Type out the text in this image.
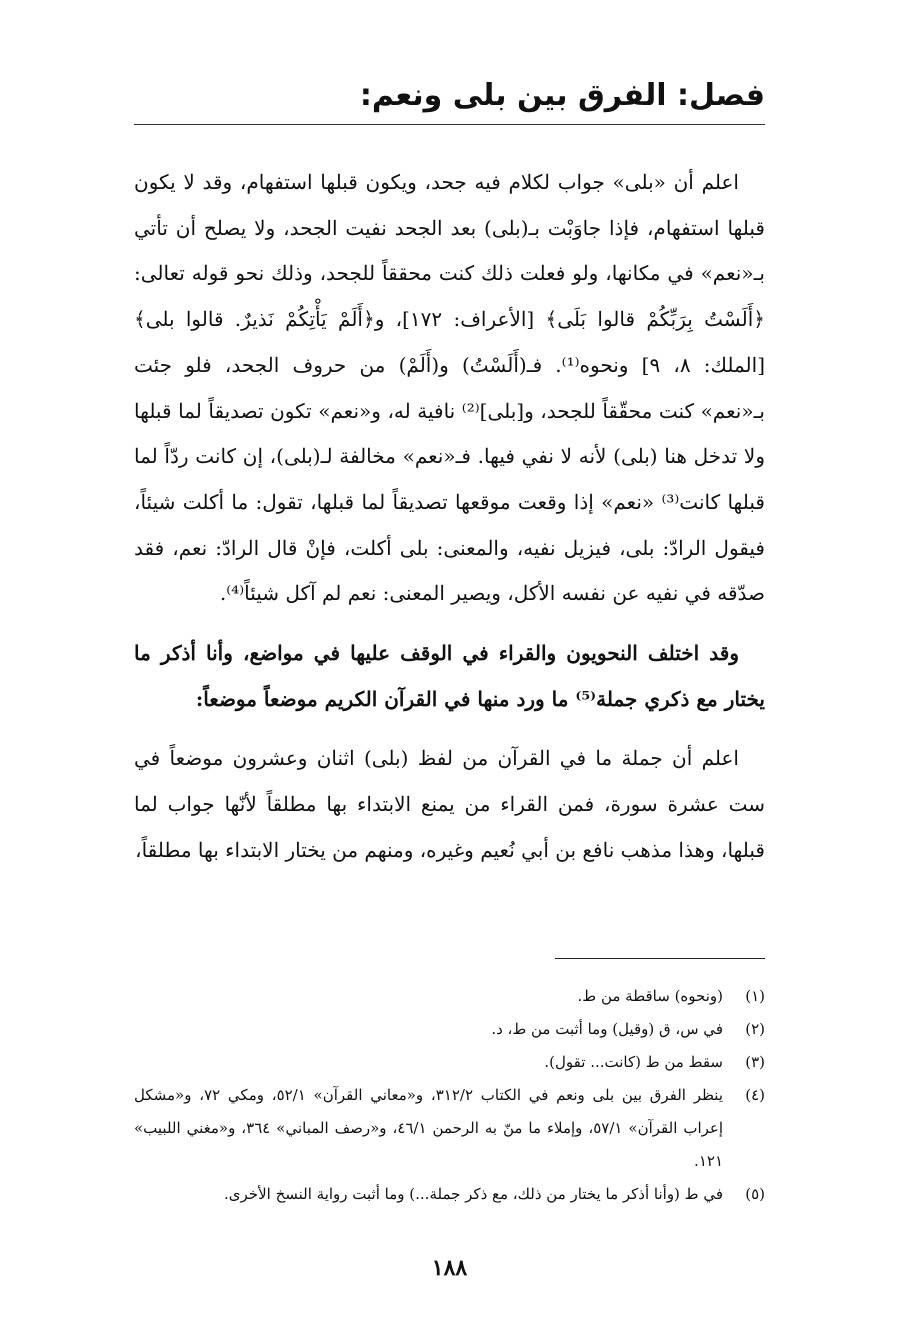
فصل: الفرق بين بلى ونعم:

اعلم أن «بلى» جواب لكلام فيه جحد، ويكون قبلها استفهام، وقد لا يكون قبلها استفهام، فإذا جاوَبْت بـ(بلى) بعد الجحد نفيت الجحد، ولا يصلح أن تأتي بـ«نعم» في مكانها، ولو فعلت ذلك كنت محققاً للجحد، وذلك نحو قوله تعالى: ﴿أَلَسْتُ بِرَبِّكُمْ قالوا بَلَى﴾ [الأعراف: ١٧٢]، و﴿أَلَمْ يَأْتِكُمْ نَذيرٌ. قالوا بلى﴾ [الملك: ٨، ٩] ونحوه⁽¹⁾. فـ(أَلَسْتُ) و(أَلَمْ) من حروف الجحد، فلو جئت بـ«نعم» كنت محقّقاً للجحد، و[بلى]⁽²⁾ نافية له، و«نعم» تكون تصديقاً لما قبلها ولا تدخل هنا (بلى) لأنه لا نفي فيها. فـ«نعم» مخالفة لـ(بلى)، إن كانت ردّاً لما قبلها كانت⁽³⁾ «نعم» إذا وقعت موقعها تصديقاً لما قبلها، تقول: ما أكلت شيئاً، فيقول الرادّ: بلى، فيزيل نفيه، والمعنى: بلى أكلت، فإنْ قال الرادّ: نعم، فقد صدّقه في نفيه عن نفسه الأكل، ويصير المعنى: نعم لم آكل شيئاً⁽⁴⁾.

وقد اختلف النحويون والقراء في الوقف عليها في مواضع، وأنا أذكر ما يختار مع ذكري جملة⁽⁵⁾ ما ورد منها في القرآن الكريم موضعاً موضعاً:

اعلم أن جملة ما في القرآن من لفظ (بلى) اثنان وعشرون موضعاً في ست عشرة سورة، فمن القراء من يمنع الابتداء بها مطلقاً لأنّها جواب لما قبلها، وهذا مذهب نافع بن أبي نُعيم وغيره، ومنهم من يختار الابتداء بها مطلقاً،

(١)
(ونحوه) ساقطة من ط.
(٢)
في س، ق (وقيل) وما أثبت من ط، د.
(٣)
سقط من ط (كانت... تقول).
(٤)
ينظر الفرق بين بلى ونعم في الكتاب ٣١٢/٢، و«معاني القرآن» ٥٢/١، ومكي ٧٢، و«مشكل إعراب القرآن» ٥٧/١، وإملاء ما منّ به الرحمن ٤٦/١، و«رصف المباني» ٣٦٤، و«مغني اللبيب» ١٢١.
(٥)
في ط (وأنا أذكر ما يختار من ذلك، مع ذكر جملة...) وما أثبت رواية النسخ الأخرى.
١٨٨
